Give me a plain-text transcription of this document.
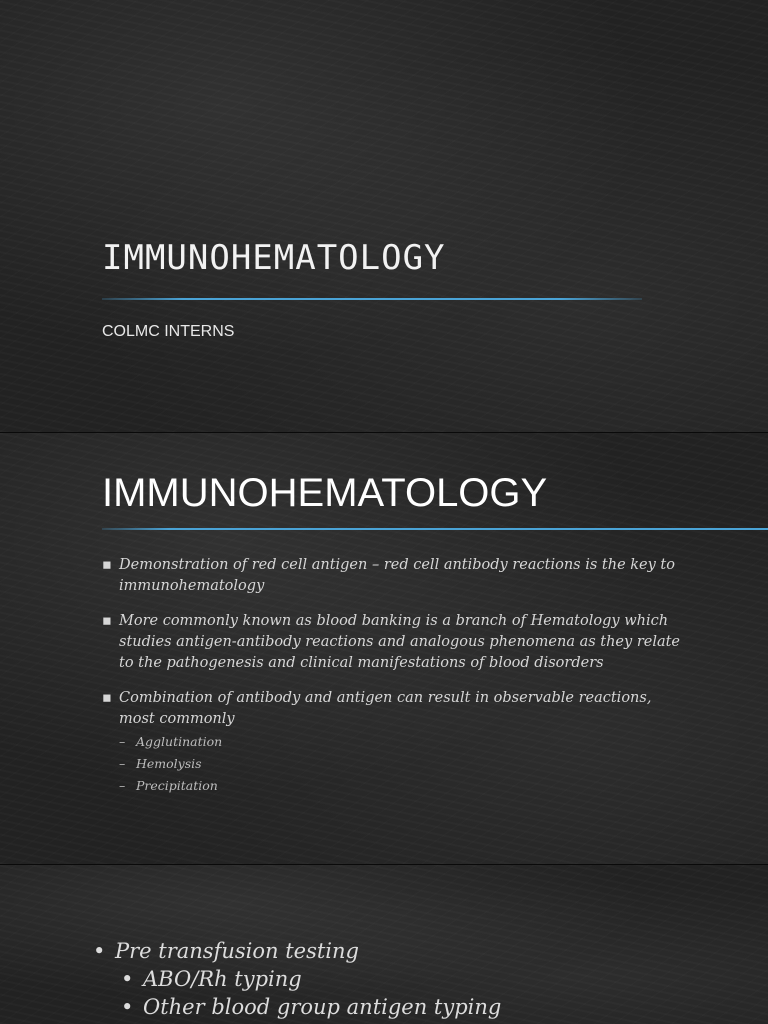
IMMUNOHEMATOLOGY
COLMC INTERNS
IMMUNOHEMATOLOGY
▪ Demonstration of red cell antigen – red cell antibody reactions is the key to immunohematology
▪ More commonly known as blood banking is a branch of Hematology which studies antigen-antibody reactions and analogous phenomena as they relate to the pathogenesis and clinical manifestations of blood disorders
▪ Combination of antibody and antigen can result in observable reactions, most commonly
– Agglutination
– Hemolysis
– Precipitation
• Pre transfusion testing
• ABO/Rh typing
• Other blood group antigen typing
